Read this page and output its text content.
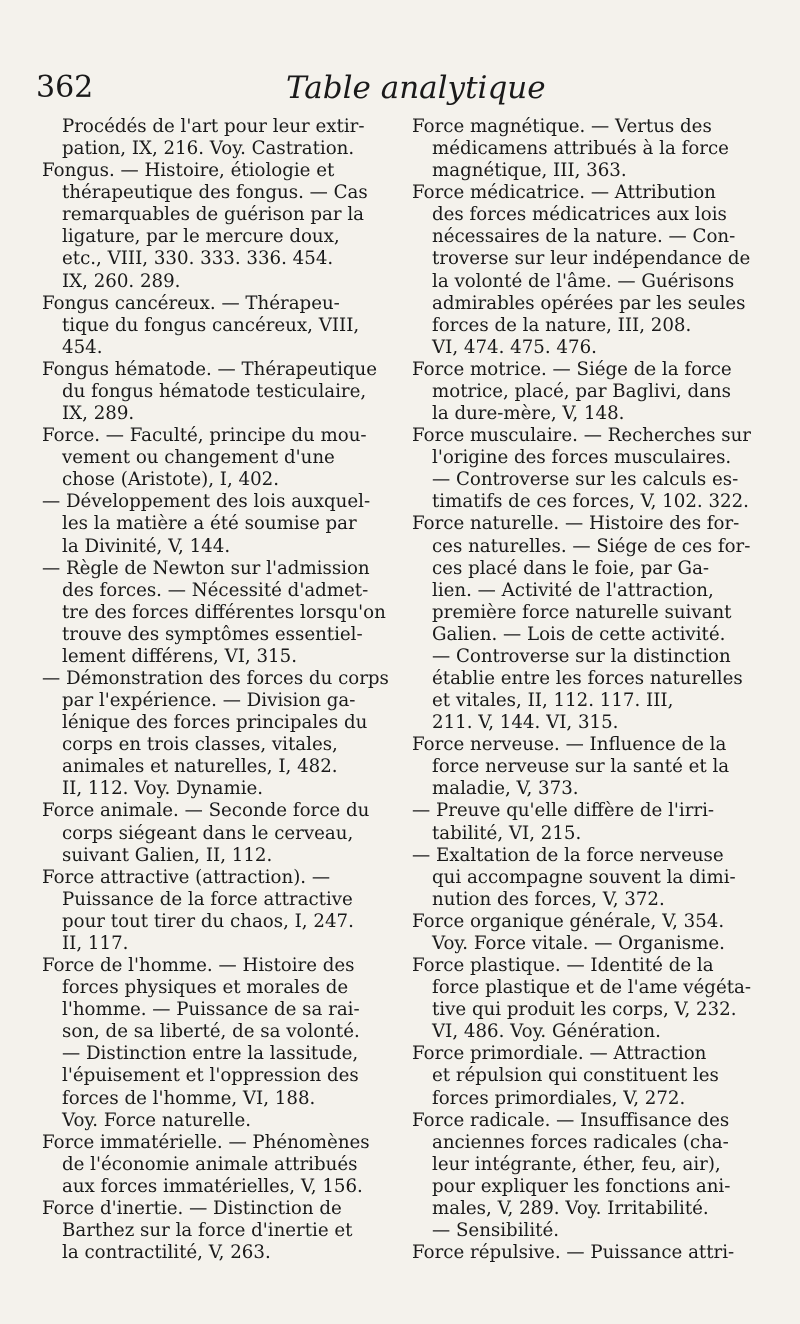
362	Table analytique
Procédés de l'art pour leur extir-
pation, IX, 216. Voy. Castration.
Fongus. — Histoire, étiologie et
thérapeutique des fongus. — Cas
remarquables de guérison par la
ligature, par le mercure doux,
etc., VIII, 330. 333. 336. 454.
IX, 260. 289.
Fongus cancéreux. — Thérapeu-
tique du fongus cancéreux, VIII,
454.
Fongus hématode. — Thérapeutique
du fongus hématode testiculaire,
IX, 289.
Force. — Faculté, principe du mou-
vement ou changement d'une
chose (Aristote), I, 402.
— Développement des lois auxquel-
les la matière a été soumise par
la Divinité, V, 144.
— Règle de Newton sur l'admission
des forces. — Nécessité d'admet-
tre des forces différentes lorsqu'on
trouve des symptômes essentiel-
lement différens, VI, 315.
— Démonstration des forces du corps
par l'expérience. — Division ga-
lénique des forces principales du
corps en trois classes, vitales,
animales et naturelles, I, 482.
II, 112. Voy. Dynamie.
Force animale. — Seconde force du
corps siégeant dans le cerveau,
suivant Galien, II, 112.
Force attractive (attraction). —
Puissance de la force attractive
pour tout tirer du chaos, I, 247.
II, 117.
Force de l'homme. — Histoire des
forces physiques et morales de
l'homme. — Puissance de sa rai-
son, de sa liberté, de sa volonté.
— Distinction entre la lassitude,
l'épuisement et l'oppression des
forces de l'homme, VI, 188.
Voy. Force naturelle.
Force immatérielle. — Phénomènes
de l'économie animale attribués
aux forces immatérielles, V, 156.
Force d'inertie. — Distinction de
Barthez sur la force d'inertie et
la contractilité, V, 263.
Force magnétique. — Vertus des
médicamens attribués à la force
magnétique, III, 363.
Force médicatrice. — Attribution
des forces médicatrices aux lois
nécessaires de la nature. — Con-
troverse sur leur indépendance de
la volonté de l'âme. — Guérisons
admirables opérées par les seules
forces de la nature, III, 208.
VI, 474. 475. 476.
Force motrice. — Siége de la force
motrice, placé, par Baglivi, dans
la dure-mère, V, 148.
Force musculaire. — Recherches sur
l'origine des forces musculaires.
— Controverse sur les calculs es-
timatifs de ces forces, V, 102. 322.
Force naturelle. — Histoire des for-
ces naturelles. — Siége de ces for-
ces placé dans le foie, par Ga-
lien. — Activité de l'attraction,
première force naturelle suivant
Galien. — Lois de cette activité.
— Controverse sur la distinction
établie entre les forces naturelles
et vitales, II, 112. 117. III,
211. V, 144. VI, 315.
Force nerveuse. — Influence de la
force nerveuse sur la santé et la
maladie, V, 373.
— Preuve qu'elle diffère de l'irri-
tabilité, VI, 215.
— Exaltation de la force nerveuse
qui accompagne souvent la dimi-
nution des forces, V, 372.
Force organique générale, V, 354.
Voy. Force vitale. — Organisme.
Force plastique. — Identité de la
force plastique et de l'ame végéta-
tive qui produit les corps, V, 232.
VI, 486. Voy. Génération.
Force primordiale. — Attraction
et répulsion qui constituent les
forces primordiales, V, 272.
Force radicale. — Insuffisance des
anciennes forces radicales (cha-
leur intégrante, éther, feu, air),
pour expliquer les fonctions ani-
males, V, 289. Voy. Irritabilité.
— Sensibilité.
Force répulsive. — Puissance attri-
